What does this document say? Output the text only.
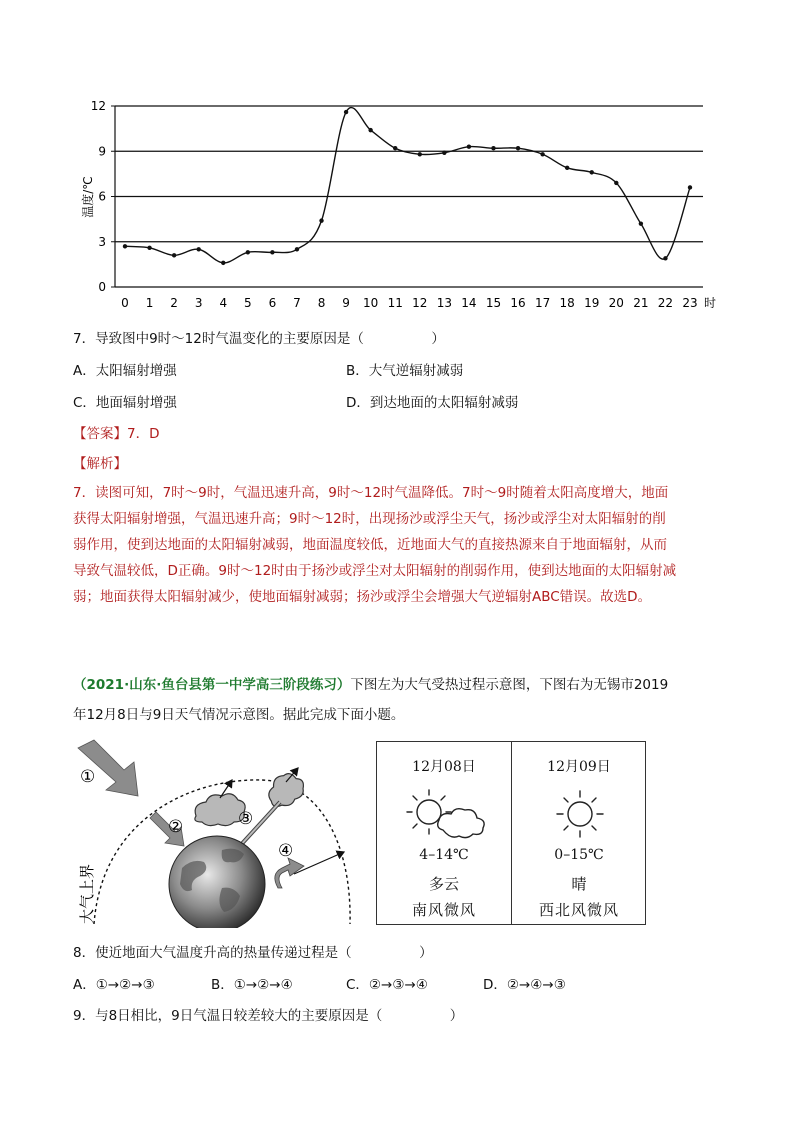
0 1 2 3 4 5 6 7 8 9 10 11 12 13 14 15 16 17 18 19 20 21 22 23 时
0
3
6
9
12
温度/℃
7．导致图中9时～12时气温变化的主要原因是（　　　　　）
A．太阳辐射增强	B．大气逆辐射减弱
C．地面辐射增强	D．到达地面的太阳辐射减弱
【答案】7．D
【解析】
7．读图可知，7时～9时，气温迅速升高，9时～12时气温降低。7时～9时随着太阳高度增大，地面
获得太阳辐射增强，气温迅速升高；9时～12时，出现扬沙或浮尘天气，扬沙或浮尘对太阳辐射的削
弱作用，使到达地面的太阳辐射减弱，地面温度较低，近地面大气的直接热源来自于地面辐射，从而
导致气温较低，D正确。9时～12时由于扬沙或浮尘对太阳辐射的削弱作用，使到达地面的太阳辐射减
弱；地面获得太阳辐射减少，使地面辐射减弱；扬沙或浮尘会增强大气逆辐射ABC错误。故选D。
（2021·山东·鱼台县第一中学高三阶段练习）下图左为大气受热过程示意图，下图右为无锡市2019
年12月8日与9日天气情况示意图。据此完成下面小题。
①
②	③
④
大气上界
12月08日
4–14℃
多云
南风微风
12月09日
0–15℃
晴
西北风微风
8．使近地面大气温度升高的热量传递过程是（　　　　　）
A．①→②→③	B．①→②→④	C．②→③→④	D．②→④→③
9．与8日相比，9日气温日较差较大的主要原因是（　　　　　）
